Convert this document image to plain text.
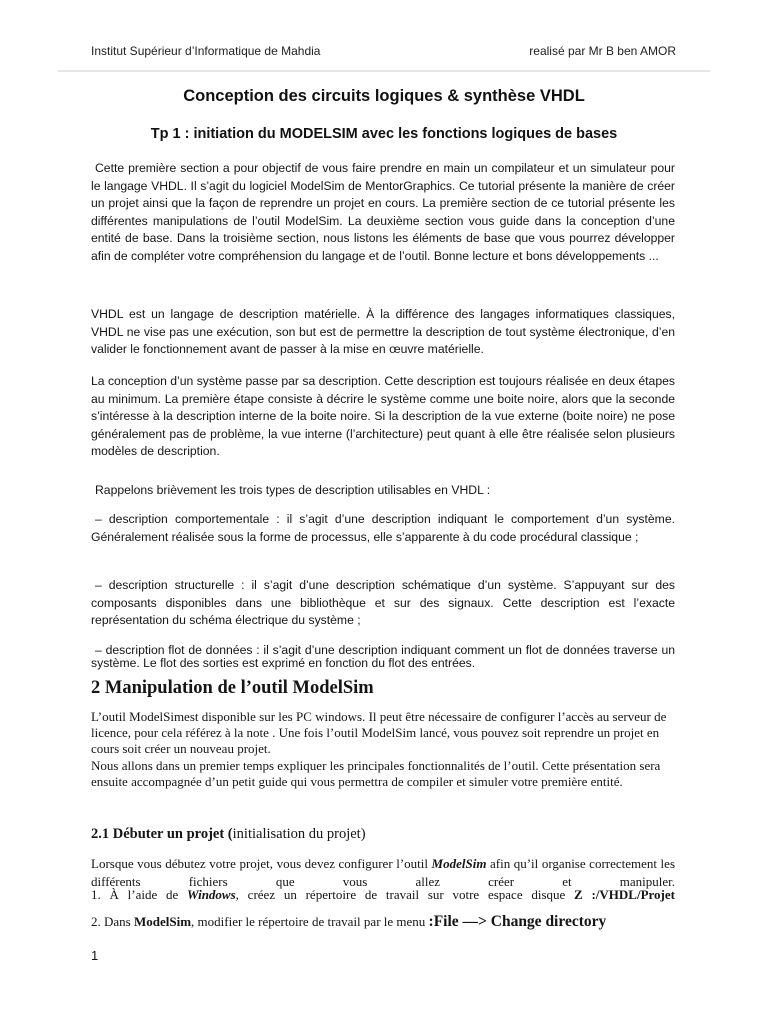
Institut Supérieur d’Informatique de Mahdia	realisé par Mr B ben AMOR
Conception des circuits logiques & synthèse VHDL
Tp 1 : initiation du MODELSIM avec les fonctions logiques de bases
Cette première section a pour objectif de vous faire prendre en main un compilateur et un simulateur pour le langage VHDL. Il s’agit du logiciel ModelSim de MentorGraphics. Ce tutorial présente la manière de créer un projet ainsi que la façon de reprendre un projet en cours. La première section de ce tutorial présente les différentes manipulations de l’outil ModelSim. La deuxième section vous guide dans la conception d’une entité de base. Dans la troisième section, nous listons les éléments de base que vous pourrez développer afin de compléter votre compréhension du langage et de l’outil. Bonne lecture et bons développements ...
VHDL est un langage de description matérielle. À la différence des langages informatiques classiques, VHDL ne vise pas une exécution, son but est de permettre la description de tout système électronique, d’en valider le fonctionnement avant de passer à la mise en œuvre matérielle.
La conception d’un système passe par sa description. Cette description est toujours réalisée en deux étapes au minimum. La première étape consiste à décrire le système comme une boite noire, alors que la seconde s’intéresse à la description interne de la boite noire. Si la description de la vue externe (boite noire) ne pose généralement pas de problème, la vue interne (l’architecture) peut quant à elle être réalisée selon plusieurs modèles de description.
Rappelons brièvement les trois types de description utilisables en VHDL :
– description comportementale : il s’agit d’une description indiquant le comportement d’un système. Généralement réalisée sous la forme de processus, elle s’apparente à du code procédural classique ;
– description structurelle : il s’agit d’une description schématique d’un système. S’appuyant sur des composants disponibles dans une bibliothèque et sur des signaux. Cette description est l’exacte représentation du schéma électrique du système ;
– description flot de données : il s’agit d’une description indiquant comment un flot de données traverse un système. Le flot des sorties est exprimé en fonction du flot des entrées.
2 Manipulation de l’outil ModelSim
L’outil ModelSimest disponible sur les PC windows. Il peut être nécessaire de configurer l’accès au serveur de licence, pour cela référez à la note . Une fois l’outil ModelSim lancé, vous pouvez soit reprendre un projet en cours soit créer un nouveau projet.
Nous allons dans un premier temps expliquer les principales fonctionnalités de l’outil. Cette présentation sera ensuite accompagnée d’un petit guide qui vous permettra de compiler et simuler votre première entité.
2.1 Débuter un projet (initialisation du projet)
Lorsque vous débutez votre projet, vous devez configurer l’outil ModelSim afin qu’il organise correctement les différents fichiers que vous allez créer et manipuler.
1. À l’aide de Windows, créez un répertoire de travail sur votre espace disque Z :/VHDL/Projet
2. Dans ModelSim, modifier le répertoire de travail par le menu :File —> Change directory
1
